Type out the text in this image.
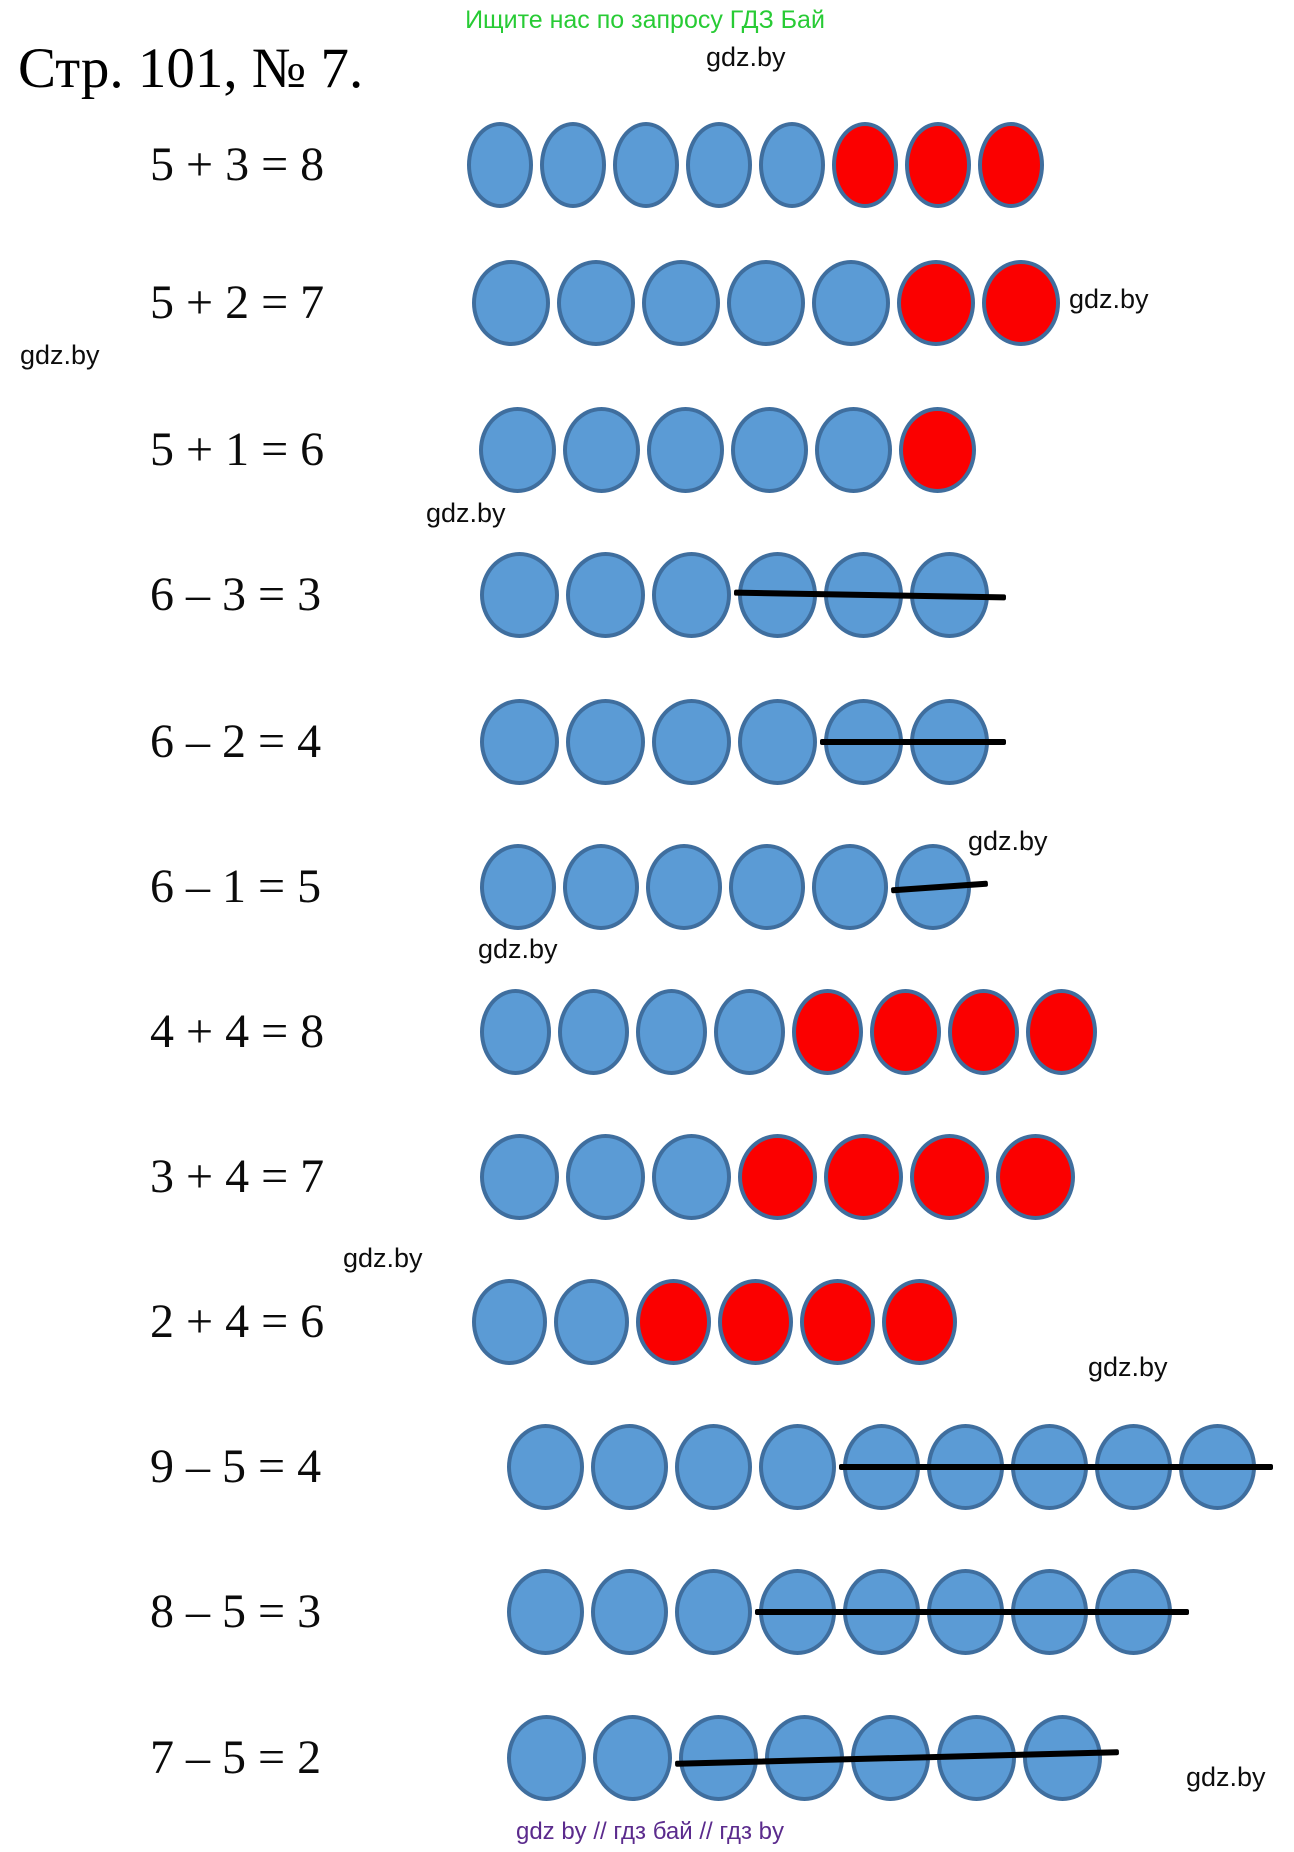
Ищите нас по запросу ГДЗ Бай
Стр. 101, № 7.
5 + 3 = 8
5 + 2 = 7
5 + 1 = 6
6 – 3 = 3
6 – 2 = 4
6 – 1 = 5
4 + 4 = 8
3 + 4 = 7
2 + 4 = 6
9 – 5 = 4
8 – 5 = 3
7 – 5 = 2
gdz.by
gdz.by
gdz.by
gdz.by
gdz.by
gdz.by
gdz.by
gdz.by
gdz.by
gdz by // гдз бай // гдз by
